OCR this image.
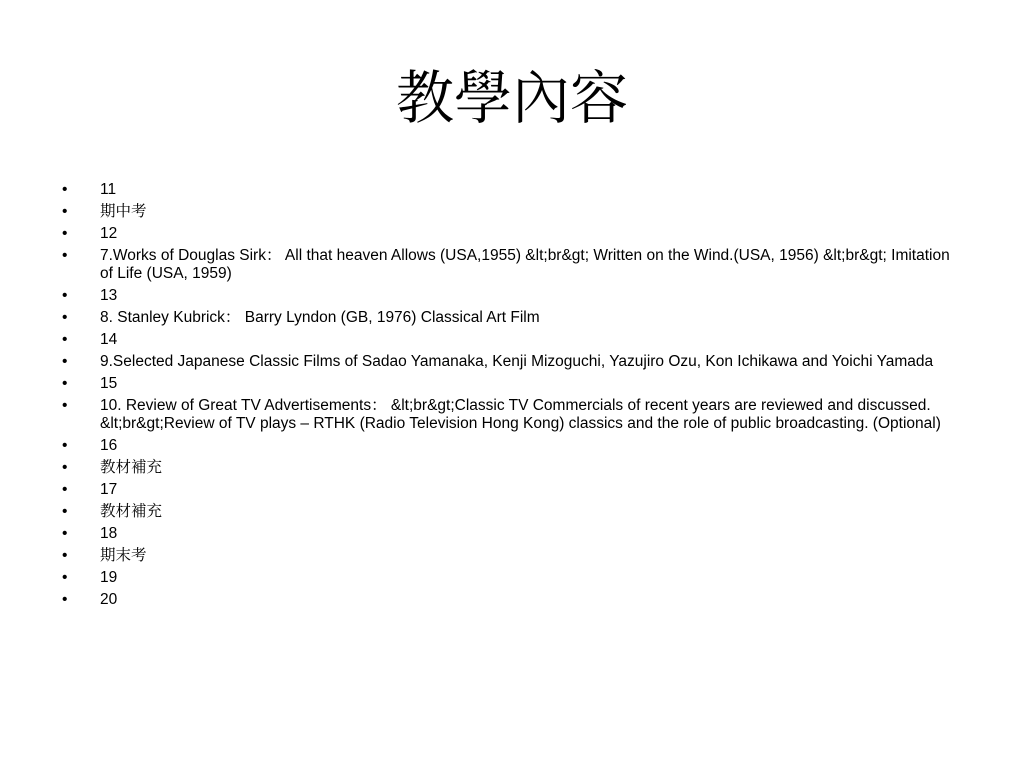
教學內容
• 11
• 期中考
• 12
• 7.Works of Douglas Sirk： All that heaven Allows (USA,1955) &lt;br&gt; Written on the Wind.(USA, 1956) &lt;br&gt; Imitation of Life (USA, 1959)
• 13
• 8. Stanley Kubrick： Barry Lyndon (GB, 1976) Classical Art Film
• 14
• 9.Selected Japanese Classic Films of Sadao Yamanaka, Kenji Mizoguchi, Yazujiro Ozu, Kon Ichikawa and Yoichi Yamada
• 15
• 10. Review of Great TV Advertisements： &lt;br&gt;Classic TV Commercials of recent years are reviewed and discussed. &lt;br&gt;Review of TV plays – RTHK (Radio Television Hong Kong) classics and the role of public broadcasting. (Optional)
• 16
• 教材補充
• 17
• 教材補充
• 18
• 期末考
• 19
• 20
